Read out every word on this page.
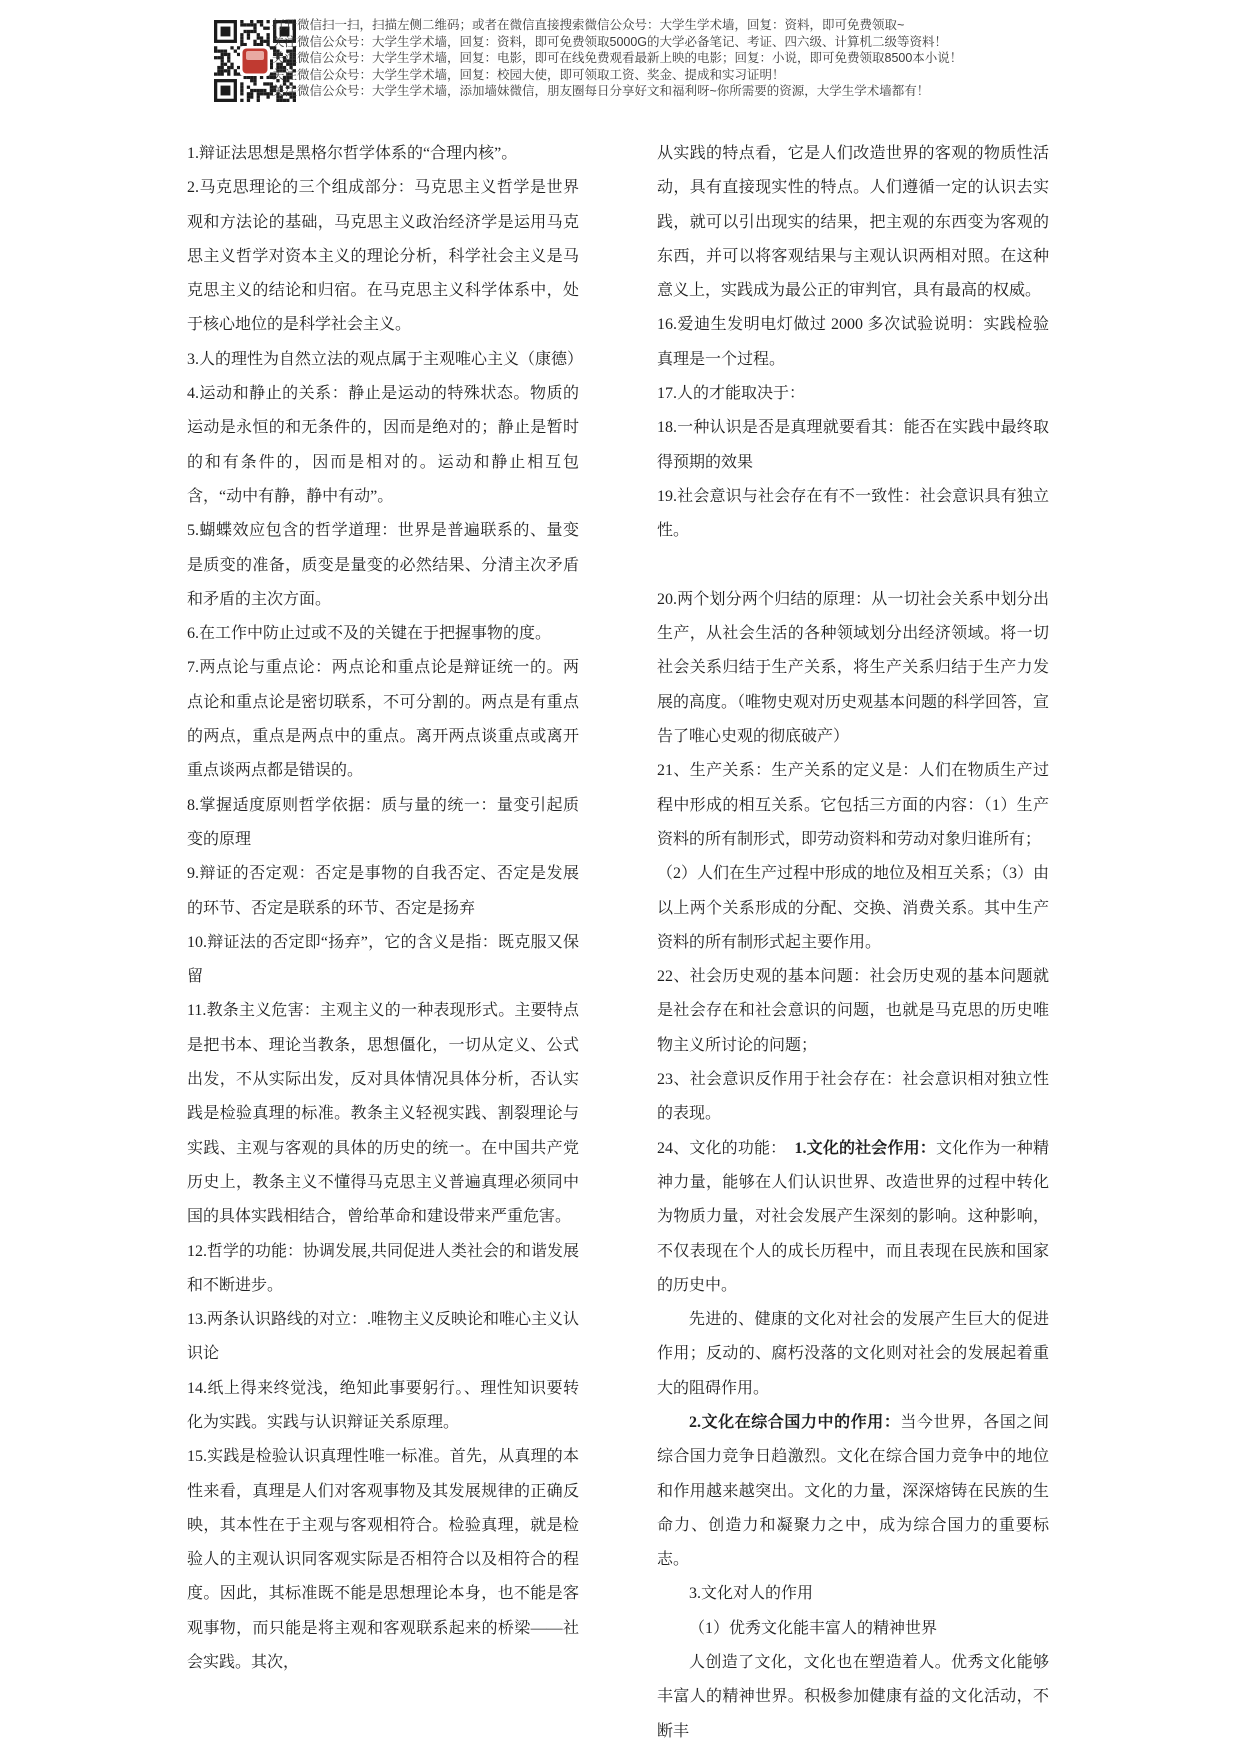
打开微信扫一扫，扫描左侧二维码；或者在微信直接搜索微信公众号：大学生学术墙，回复：资料，即可免费领取~
关注微信公众号：大学生学术墙，回复：资料，即可免费领取5000G的大学必备笔记、考证、四六级、计算机二级等资料！
关注微信公众号：大学生学术墙，回复：电影，即可在线免费观看最新上映的电影；回复：小说，即可免费领取8500本小说！
关注微信公众号：大学生学术墙，回复：校园大使，即可领取工资、奖金、提成和实习证明！
关注微信公众号：大学生学术墙，添加墙妹微信，朋友圈每日分享好文和福利呀~你所需要的资源，大学生学术墙都有！

1.辩证法思想是黑格尔哲学体系的“合理内核”。

2.马克思理论的三个组成部分：马克思主义哲学是世界观和方法论的基础，马克思主义政治经济学是运用马克思主义哲学对资本主义的理论分析，科学社会主义是马克思主义的结论和归宿。在马克思主义科学体系中，处于核心地位的是科学社会主义。

3.人的理性为自然立法的观点属于主观唯心主义（康德）

4.运动和静止的关系：静止是运动的特殊状态。物质的运动是永恒的和无条件的，因而是绝对的；静止是暂时的和有条件的，因而是相对的。运动和静止相互包含，“动中有静，静中有动”。

5.蝴蝶效应包含的哲学道理：世界是普遍联系的、量变是质变的准备，质变是量变的必然结果、分清主次矛盾和矛盾的主次方面。

6.在工作中防止过或不及的关键在于把握事物的度。

7.两点论与重点论：两点论和重点论是辩证统一的。两点论和重点论是密切联系，不可分割的。两点是有重点的两点，重点是两点中的重点。离开两点谈重点或离开重点谈两点都是错误的。

8.掌握适度原则哲学依据：质与量的统一：量变引起质变的原理

9.辩证的否定观：否定是事物的自我否定、否定是发展的环节、否定是联系的环节、否定是扬弃

10.辩证法的否定即“扬弃”，它的含义是指：既克服又保留

11.教条主义危害：主观主义的一种表现形式。主要特点是把书本、理论当教条，思想僵化，一切从定义、公式出发，不从实际出发，反对具体情况具体分析，否认实践是检验真理的标准。教条主义轻视实践、割裂理论与实践、主观与客观的具体的历史的统一。在中国共产党历史上，教条主义不懂得马克思主义普遍真理必须同中国的具体实践相结合，曾给革命和建设带来严重危害。

12.哲学的功能：协调发展,共同促进人类社会的和谐发展和不断进步。

13.两条认识路线的对立：.唯物主义反映论和唯心主义认识论

14.纸上得来终觉浅，绝知此事要躬行。、理性知识要转化为实践。实践与认识辩证关系原理。

15.实践是检验认识真理性唯一标准。首先，从真理的本性来看，真理是人们对客观事物及其发展规律的正确反映，其本性在于主观与客观相符合。检验真理，就是检验人的主观认识同客观实际是否相符合以及相符合的程度。因此，其标准既不能是思想理论本身，也不能是客观事物，而只能是将主观和客观联系起来的桥梁——社会实践。其次，

从实践的特点看，它是人们改造世界的客观的物质性活动，具有直接现实性的特点。人们遵循一定的认识去实践，就可以引出现实的结果，把主观的东西变为客观的东西，并可以将客观结果与主观认识两相对照。在这种意义上，实践成为最公正的审判官，具有最高的权威。

16.爱迪生发明电灯做过 2000 多次试验说明：实践检验真理是一个过程。

17.人的才能取决于：

18.一种认识是否是真理就要看其：能否在实践中最终取得预期的效果

19.社会意识与社会存在有不一致性：社会意识具有独立性。

20.两个划分两个归结的原理：从一切社会关系中划分出生产，从社会生活的各种领域划分出经济领域。将一切社会关系归结于生产关系，将生产关系归结于生产力发展的高度。（唯物史观对历史观基本问题的科学回答，宣告了唯心史观的彻底破产）

21、生产关系：生产关系的定义是：人们在物质生产过程中形成的相互关系。它包括三方面的内容：（1）生产资料的所有制形式，即劳动资料和劳动对象归谁所有；

（2）人们在生产过程中形成的地位及相互关系；（3）由以上两个关系形成的分配、交换、消费关系。其中生产资料的所有制形式起主要作用。

22、社会历史观的基本问题：社会历史观的基本问题就是社会存在和社会意识的问题，也就是马克思的历史唯物主义所讨论的问题；

23、社会意识反作用于社会存在：社会意识相对独立性的表现。

24、文化的功能：　1.文化的社会作用：文化作为一种精神力量，能够在人们认识世界、改造世界的过程中转化为物质力量，对社会发展产生深刻的影响。这种影响，不仅表现在个人的成长历程中，而且表现在民族和国家的历史中。

先进的、健康的文化对社会的发展产生巨大的促进作用；反动的、腐朽没落的文化则对社会的发展起着重大的阻碍作用。

2.文化在综合国力中的作用：当今世界，各国之间综合国力竞争日趋激烈。文化在综合国力竞争中的地位和作用越来越突出。文化的力量，深深熔铸在民族的生命力、创造力和凝聚力之中，成为综合国力的重要标志。

3.文化对人的作用

（1）优秀文化能丰富人的精神世界

人创造了文化，文化也在塑造着人。优秀文化能够丰富人的精神世界。积极参加健康有益的文化活动，不断丰
